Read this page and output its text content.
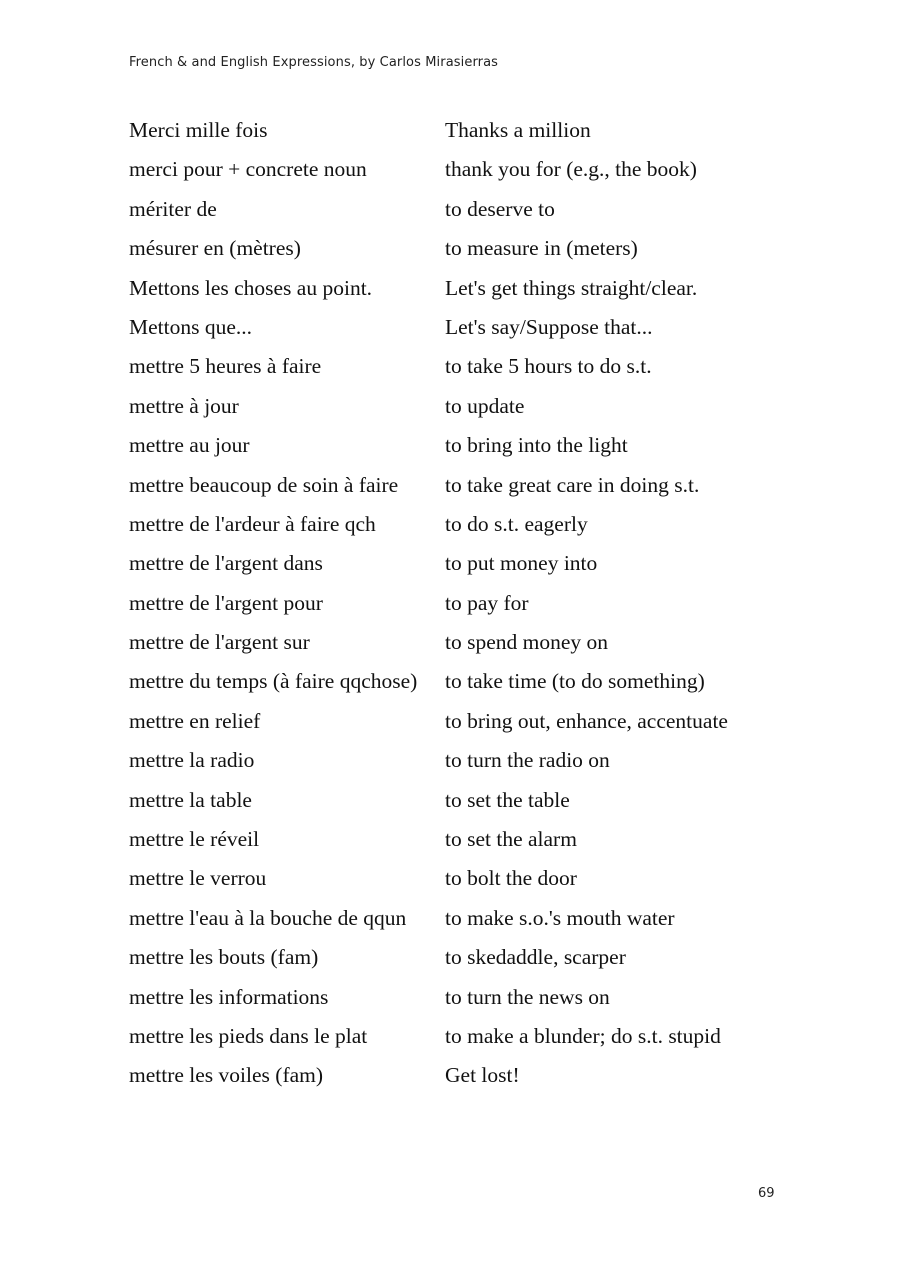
French & and English Expressions, by Carlos Mirasierras
Merci mille fois	Thanks a million
merci pour + concrete noun	thank you for (e.g., the book)
mériter de	to deserve to
mésurer en (mètres)	to measure in (meters)
Mettons les choses au point.	Let's get things straight/clear.
Mettons que...	Let's say/Suppose that...
mettre 5 heures à faire	to take 5 hours to do s.t.
mettre à jour	to update
mettre au jour	to bring into the light
mettre beaucoup de soin à faire	to take great care in doing s.t.
mettre de l'ardeur à faire qch	to do s.t. eagerly
mettre de l'argent dans	to put money into
mettre de l'argent pour	to pay for
mettre de l'argent sur	to spend money on
mettre du temps (à faire qqchose)	to take time (to do something)
mettre en relief	to bring out, enhance, accentuate
mettre la radio	to turn the radio on
mettre la table	to set the table
mettre le réveil	to set the alarm
mettre le verrou	to bolt the door
mettre l'eau à la bouche de qqun	to make s.o.'s mouth water
mettre les bouts (fam)	to skedaddle, scarper
mettre les informations	to turn the news on
mettre les pieds dans le plat	to make a blunder; do s.t. stupid
mettre les voiles (fam)	Get lost!
69
